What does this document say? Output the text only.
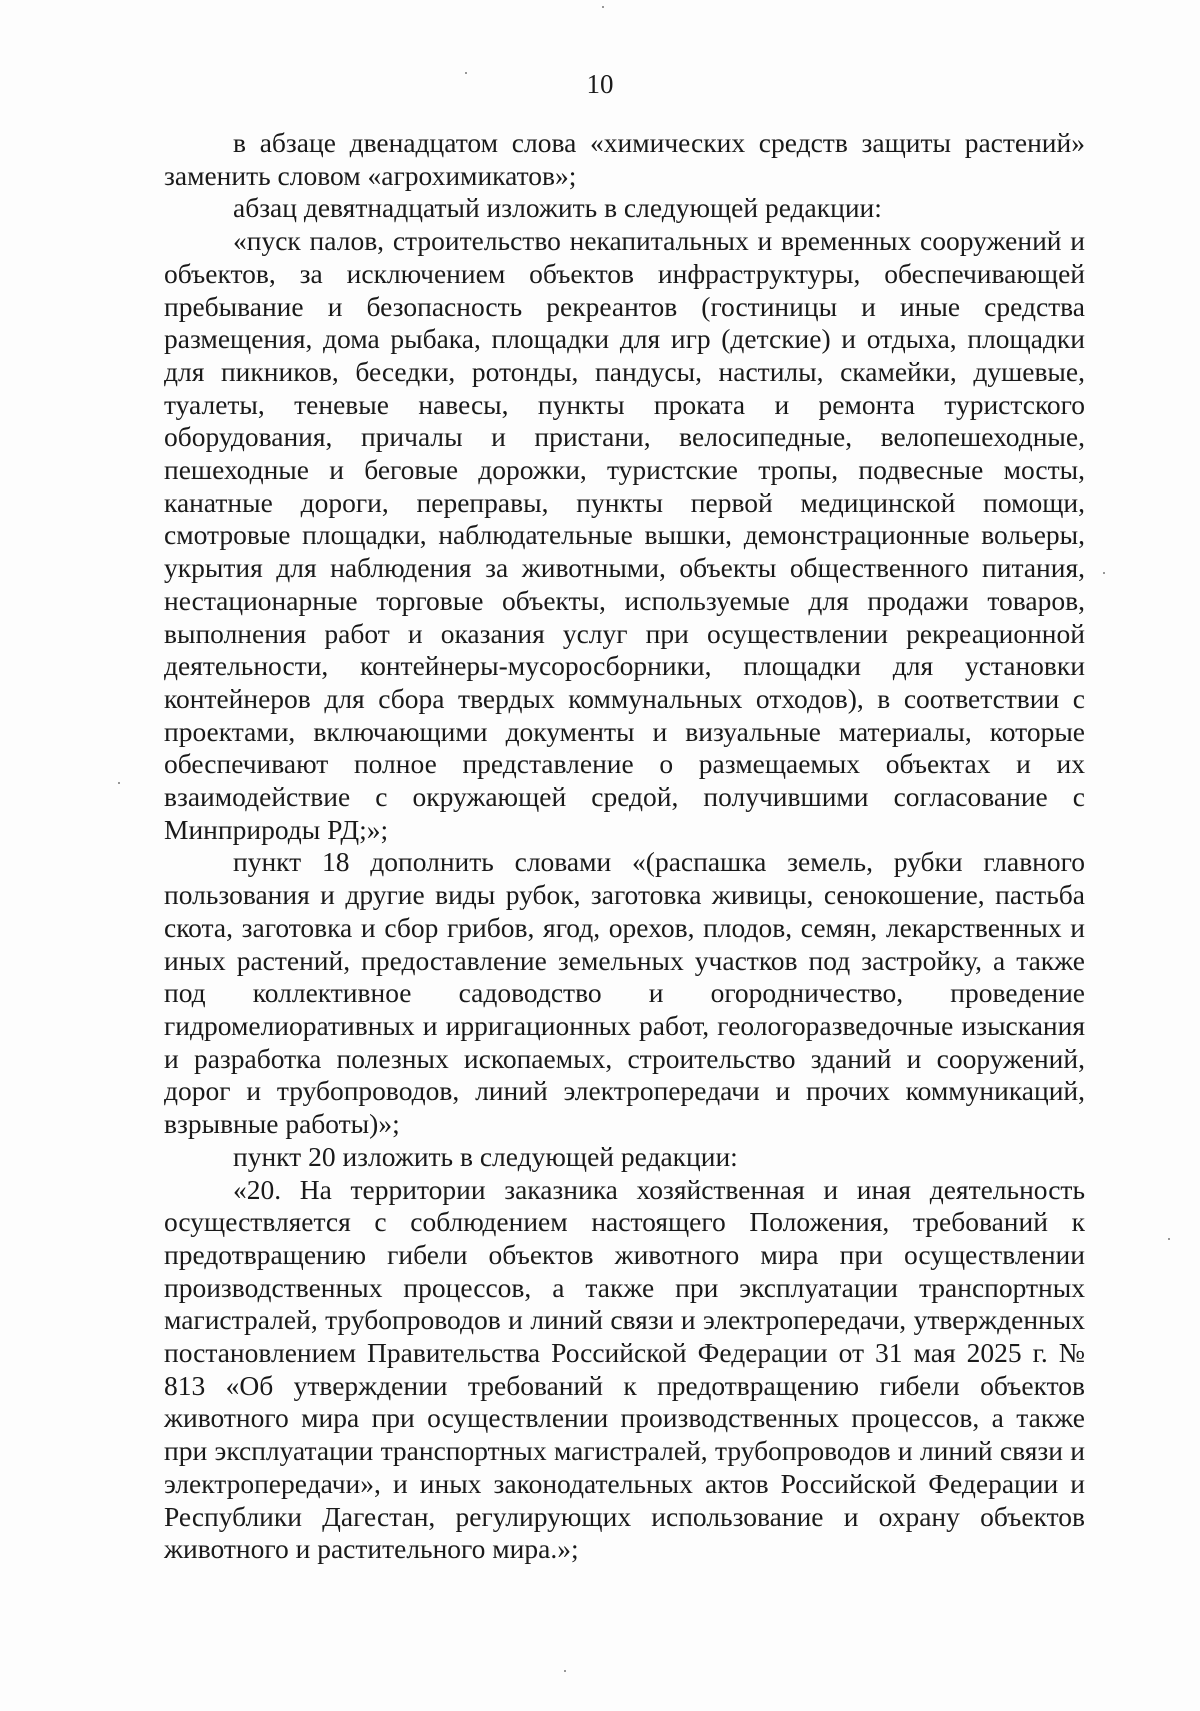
10

в абзаце двенадцатом слова «химических средств защиты растений» заменить словом «агрохимикатов»;

абзац девятнадцатый изложить в следующей редакции:

«пуск палов, строительство некапитальных и временных сооружений и объектов, за исключением объектов инфраструктуры, обеспечивающей пребывание и безопасность рекреантов (гостиницы и иные средства размещения, дома рыбака, площадки для игр (детские) и отдыха, площадки для пикников, беседки, ротонды, пандусы, настилы, скамейки, душевые, туалеты, теневые навесы, пункты проката и ремонта туристского оборудования, причалы и пристани, велосипедные, велопешеходные, пешеходные и беговые дорожки, туристские тропы, подвесные мосты, канатные дороги, переправы, пункты первой медицинской помощи, смотровые площадки, наблюдательные вышки, демонстрационные вольеры, укрытия для наблюдения за животными, объекты общественного питания, нестационарные торговые объекты, используемые для продажи товаров, выполнения работ и оказания услуг при осуществлении рекреационной деятельности, контейнеры-мусоросборники, площадки для установки контейнеров для сбора твердых коммунальных отходов), в соответствии с проектами, включающими документы и визуальные материалы, которые обеспечивают полное представление о размещаемых объектах и их взаимодействие с окружающей средой, получившими согласование с Минприроды РД;»;

пункт 18 дополнить словами «(распашка земель, рубки главного пользования и другие виды рубок, заготовка живицы, сенокошение, пастьба скота, заготовка и сбор грибов, ягод, орехов, плодов, семян, лекарственных и иных растений, предоставление земельных участков под застройку, а также под коллективное садоводство и огородничество, проведение гидромелиоративных и ирригационных работ, геологоразведочные изыскания и разработка полезных ископаемых, строительство зданий и сооружений, дорог и трубопроводов, линий электропередачи и прочих коммуникаций, взрывные работы)»;

пункт 20 изложить в следующей редакции:

«20. На территории заказника хозяйственная и иная деятельность осуществляется с соблюдением настоящего Положения, требований к предотвращению гибели объектов животного мира при осуществлении производственных процессов, а также при эксплуатации транспортных магистралей, трубопроводов и линий связи и электропередачи, утвержденных постановлением Правительства Российской Федерации от 31 мая 2025 г. № 813 «Об утверждении требований к предотвращению гибели объектов животного мира при осуществлении производственных процессов, а также при эксплуатации транспортных магистралей, трубопроводов и линий связи и электропередачи», и иных законодательных актов Российской Федерации и Республики Дагестан, регулирующих использование и охрану объектов животного и растительного мира.»;
